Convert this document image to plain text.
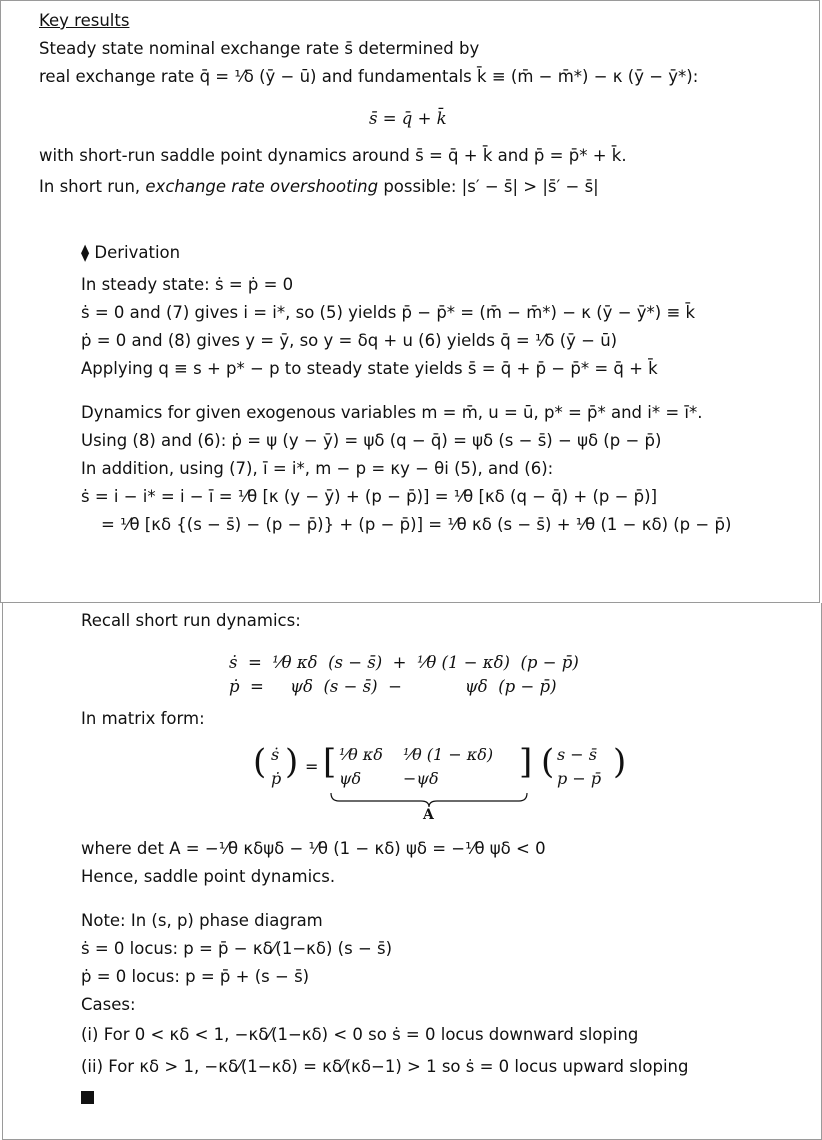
Key results
Steady state nominal exchange rate s̄ determined by
real exchange rate q̄ = ¹⁄δ (ȳ − ū) and fundamentals k̄ ≡ (m̄ − m̄*) − κ (ȳ − ȳ*):
s̄ = q̄ + k̄
with short-run saddle point dynamics around s̄ = q̄ + k̄ and p̄ = p̄* + k̄.
In short run, exchange rate overshooting possible: |s′ − s̄| > |s̄′ − s̄|
⧫ Derivation
In steady state: ṡ = ṗ = 0
ṡ = 0 and (7) gives i = i*, so (5) yields p̄ − p̄* = (m̄ − m̄*) − κ (ȳ − ȳ*) ≡ k̄
ṗ = 0 and (8) gives y = ȳ, so y = δq + u (6) yields q̄ = ¹⁄δ (ȳ − ū)
Applying q ≡ s + p* − p to steady state yields s̄ = q̄ + p̄ − p̄* = q̄ + k̄
Dynamics for given exogenous variables m = m̄, u = ū, p* = p̄* and i* = ī*.
Using (8) and (6): ṗ = ψ (y − ȳ) = ψδ (q − q̄) = ψδ (s − s̄) − ψδ (p − p̄)
In addition, using (7), ī = i*, m − p = κy − θi (5), and (6):
ṡ = i − i* = i − ī = ¹⁄θ [κ (y − ȳ) + (p − p̄)] = ¹⁄θ [κδ (q − q̄) + (p − p̄)]
= ¹⁄θ [κδ {(s − s̄) − (p − p̄)} + (p − p̄)] = ¹⁄θ κδ (s − s̄) + ¹⁄θ (1 − κδ) (p − p̄)
Recall short run dynamics:
ṡ  =  ¹⁄θ κδ  (s − s̄)  +  ¹⁄θ (1 − κδ)  (p − p̄)
ṗ  =     ψδ  (s − s̄)  −            ψδ  (p − p̄)
In matrix form:
( ṡ
ṗ ) = [ ¹⁄θ κδ ¹⁄θ (1 − κδ)
ψδ	−ψδ ]
A
( s − s̄
p − p̄ )
where det A = −¹⁄θ κδψδ − ¹⁄θ (1 − κδ) ψδ = −¹⁄θ ψδ < 0
Hence, saddle point dynamics.
Note: In (s, p) phase diagram
ṡ = 0 locus: p = p̄ − κδ⁄(1−κδ) (s − s̄)
ṗ = 0 locus: p = p̄ + (s − s̄)
Cases:
(i) For 0 < κδ < 1, −κδ⁄(1−κδ) < 0 so ṡ = 0 locus downward sloping
(ii) For κδ > 1, −κδ⁄(1−κδ) = κδ⁄(κδ−1) > 1 so ṡ = 0 locus upward sloping
